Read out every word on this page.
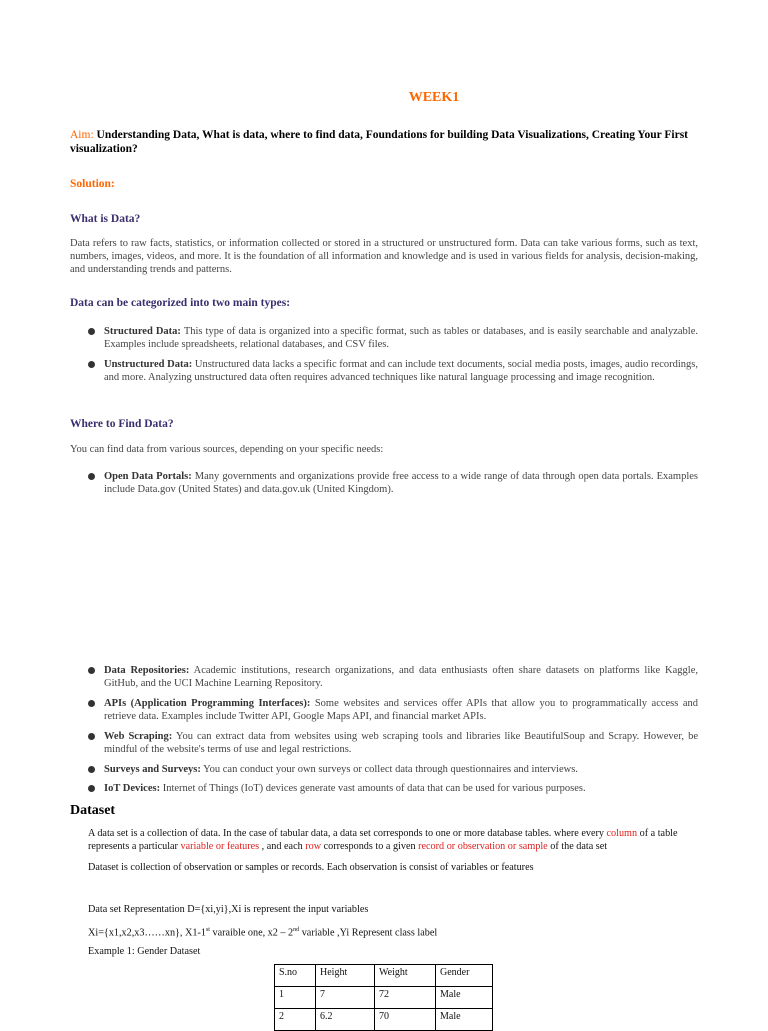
WEEK1
Aim: Understanding Data, What is data, where to find data, Foundations for building Data Visualizations, Creating Your First visualization?
Solution:
What is Data?
Data refers to raw facts, statistics, or information collected or stored in a structured or unstructured form. Data can take various forms, such as text, numbers, images, videos, and more. It is the foundation of all information and knowledge and is used in various fields for analysis, decision-making, and understanding trends and patterns.
Data can be categorized into two main types:
Structured Data: This type of data is organized into a specific format, such as tables or databases, and is easily searchable and analyzable. Examples include spreadsheets, relational databases, and CSV files.
Unstructured Data: Unstructured data lacks a specific format and can include text documents, social media posts, images, audio recordings, and more. Analyzing unstructured data often requires advanced techniques like natural language processing and image recognition.
Where to Find Data?
You can find data from various sources, depending on your specific needs:
Open Data Portals: Many governments and organizations provide free access to a wide range of data through open data portals. Examples include Data.gov (United States) and data.gov.uk (United Kingdom).
Data Repositories: Academic institutions, research organizations, and data enthusiasts often share datasets on platforms like Kaggle, GitHub, and the UCI Machine Learning Repository.
APIs (Application Programming Interfaces): Some websites and services offer APIs that allow you to programmatically access and retrieve data. Examples include Twitter API, Google Maps API, and financial market APIs.
Web Scraping: You can extract data from websites using web scraping tools and libraries like BeautifulSoup and Scrapy. However, be mindful of the website's terms of use and legal restrictions.
Surveys and Surveys: You can conduct your own surveys or collect data through questionnaires and interviews.
IoT Devices: Internet of Things (IoT) devices generate vast amounts of data that can be used for various purposes.
Dataset
A data set is a collection of data. In the case of tabular data, a data set corresponds to one or more database tables. where every column of a table represents a particular variable or features , and each row corresponds to a given record or observation or sample of the data set
Dataset is collection of observation or samples or records. Each observation is consist of variables or features
Data set Representation D={xi,yi},Xi is represent the input variables
Xi={x1,x2,x3……xn}, X1-1st varaible one, x2 – 2nd variable ,Yi Represent class label
Example 1: Gender Dataset
S.no	Height	Weight	Gender
1	7	72	Male
2	6.2	70	Male
